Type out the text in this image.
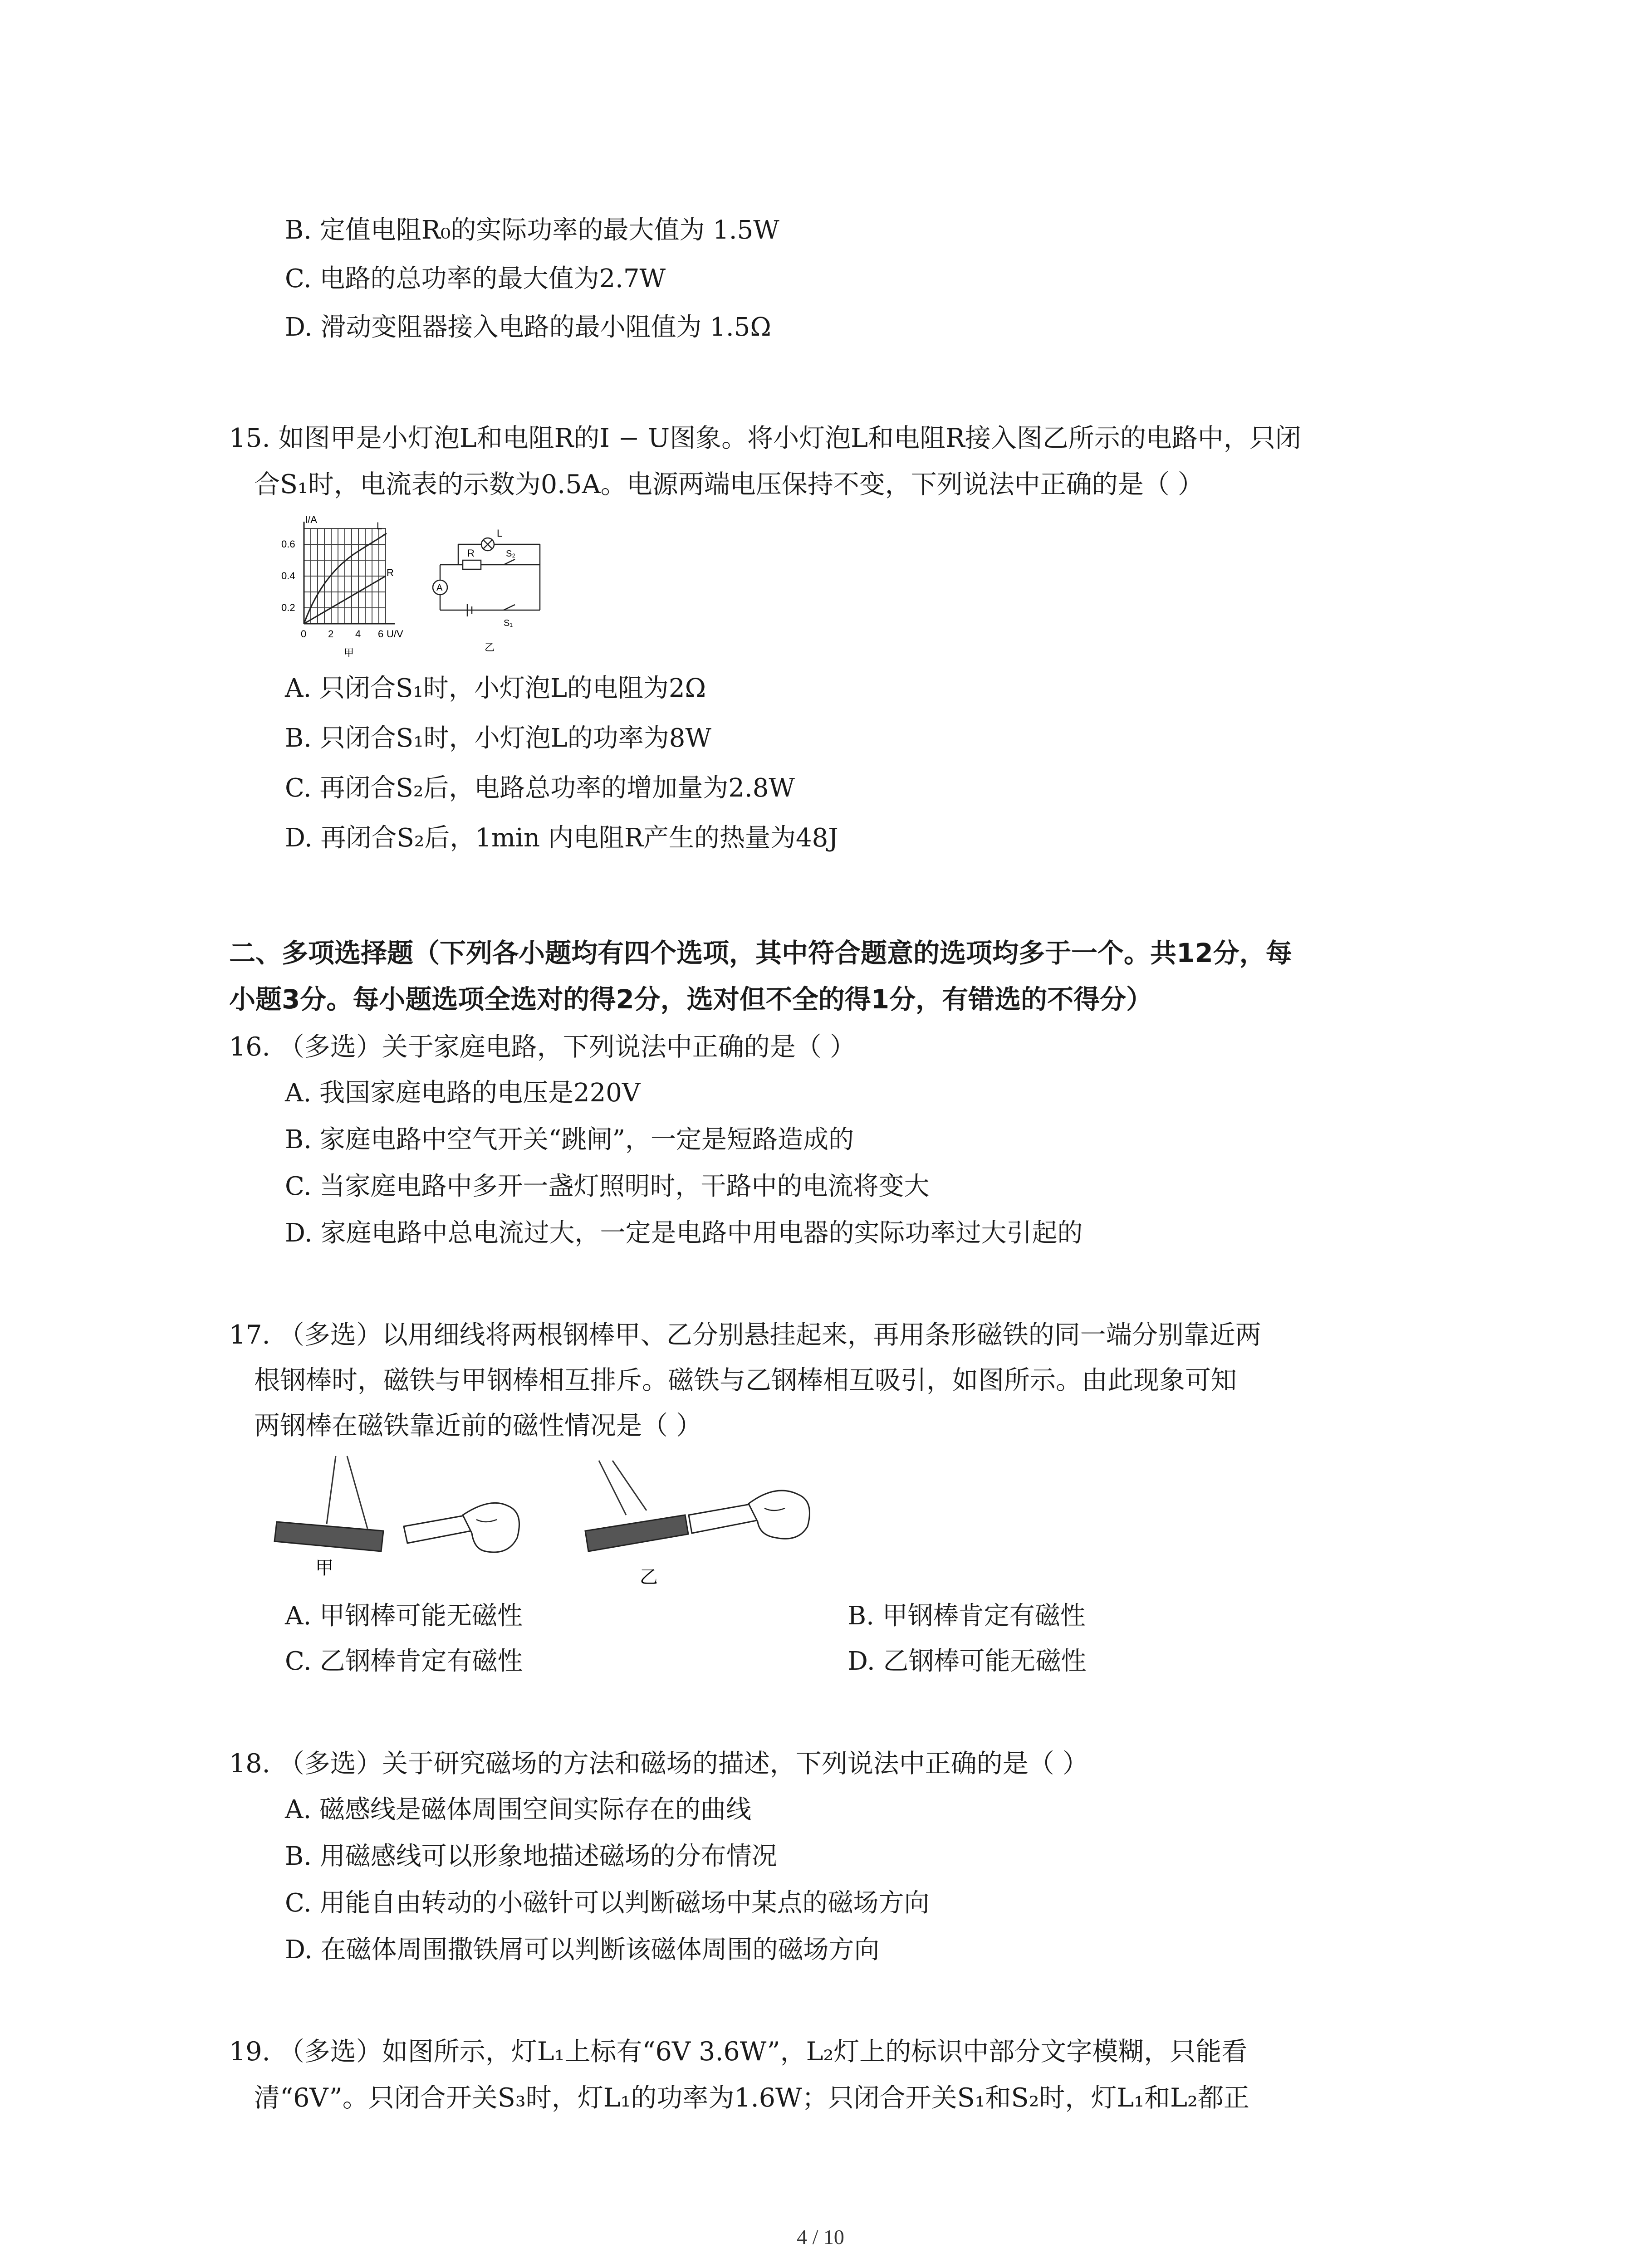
B. 定值电阻R₀的实际功率的最大值为 1.5W
C. 电路的总功率的最大值为2.7W
D. 滑动变阻器接入电路的最小阻值为 1.5Ω
15. 如图甲是小灯泡L和电阻R的I − U图象。将小灯泡L和电阻R接入图乙所示的电路中，只闭
合S₁时，电流表的示数为0.5A。电源两端电压保持不变，下列说法中正确的是（ ）
I/A
0.6
0.4
0.2
0 2 4 6 U/V
L
R
甲
L
R	S₂
S₁
A
乙
A. 只闭合S₁时，小灯泡L的电阻为2Ω
B. 只闭合S₁时，小灯泡L的功率为8W
C. 再闭合S₂后，电路总功率的增加量为2.8W
D. 再闭合S₂后，1min 内电阻R产生的热量为48J
二、多项选择题（下列各小题均有四个选项，其中符合题意的选项均多于一个。共12分，每
小题3分。每小题选项全选对的得2分，选对但不全的得1分，有错选的不得分）
16. （多选）关于家庭电路，下列说法中正确的是（ ）
A. 我国家庭电路的电压是220V
B. 家庭电路中空气开关“跳闸”，一定是短路造成的
C. 当家庭电路中多开一盏灯照明时，干路中的电流将变大
D. 家庭电路中总电流过大，一定是电路中用电器的实际功率过大引起的
17. （多选）以用细线将两根钢棒甲、乙分别悬挂起来，再用条形磁铁的同一端分别靠近两
根钢棒时，磁铁与甲钢棒相互排斥。磁铁与乙钢棒相互吸引，如图所示。由此现象可知
两钢棒在磁铁靠近前的磁性情况是（ ）
甲	乙
A. 甲钢棒可能无磁性	B. 甲钢棒肯定有磁性
C. 乙钢棒肯定有磁性	D. 乙钢棒可能无磁性
18. （多选）关于研究磁场的方法和磁场的描述，下列说法中正确的是（ ）
A. 磁感线是磁体周围空间实际存在的曲线
B. 用磁感线可以形象地描述磁场的分布情况
C. 用能自由转动的小磁针可以判断磁场中某点的磁场方向
D. 在磁体周围撒铁屑可以判断该磁体周围的磁场方向
19. （多选）如图所示，灯L₁上标有“6V 3.6W”，L₂灯上的标识中部分文字模糊，只能看
清“6V”。只闭合开关S₃时，灯L₁的功率为1.6W；只闭合开关S₁和S₂时，灯L₁和L₂都正
4 / 10
